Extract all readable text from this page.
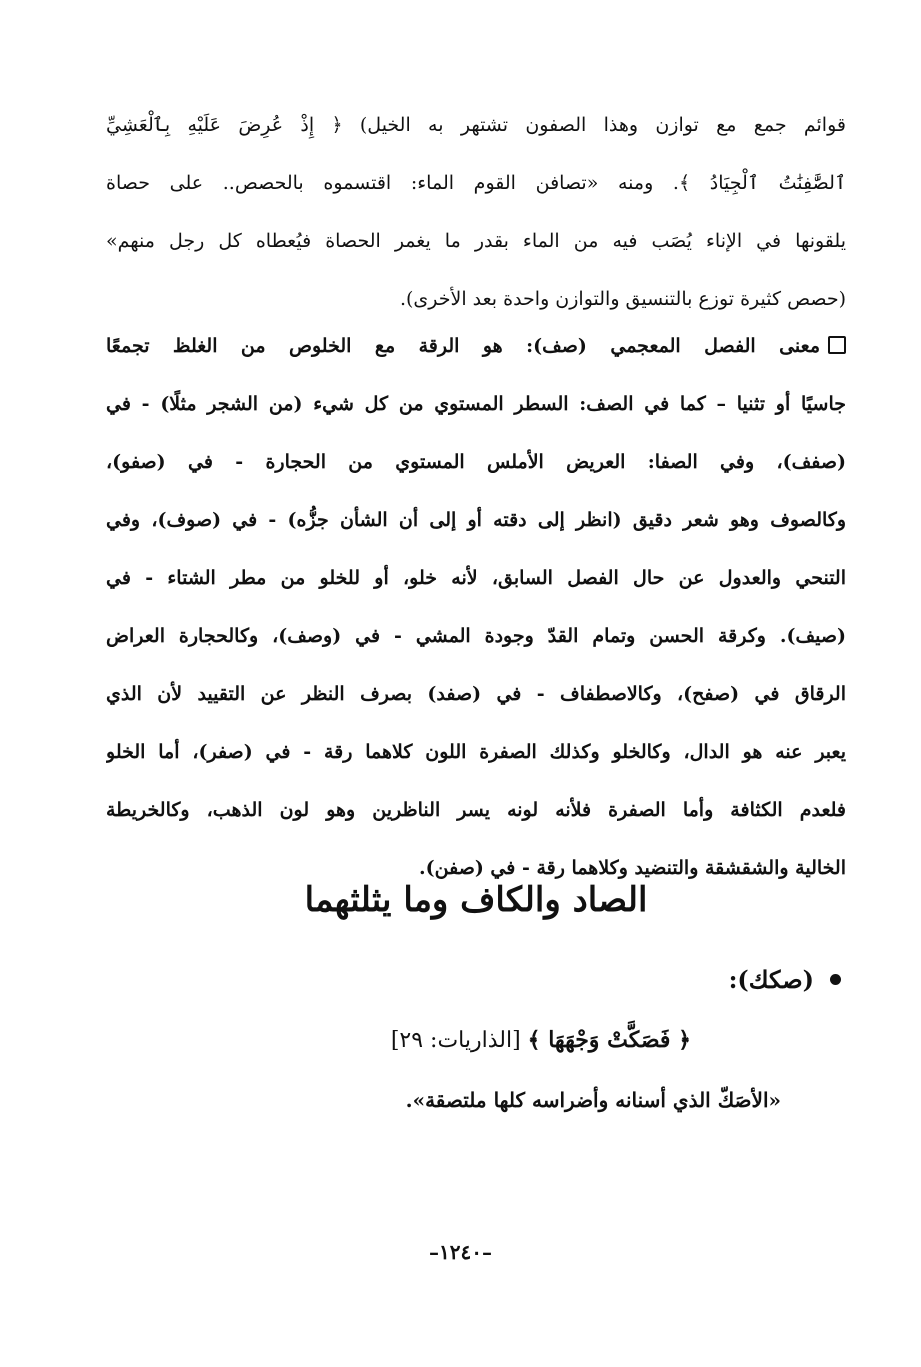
قوائم جمع مع توازن وهذا الصفون تشتهر به الخيل) ﴿ إِذْ عُرِضَ عَلَيْهِ بِٱلْعَشِيِّ
ٱلصَّٰفِنَٰتُ ٱلْجِيَادُ ﴾. ومنه «تصافن القوم الماء: اقتسموه بالحصص.. على حصاة
يلقونها في الإناء يُصَب فيه من الماء بقدر ما يغمر الحصاة فيُعطاه كل رجل منهم»
(حصص كثيرة توزع بالتنسيق والتوازن واحدة بعد الأخرى).
معنى الفصل المعجمي (صف): هو الرقة مع الخلوص من الغلظ تجمعًا
جاسيًا أو تثنيا – كما في الصف: السطر المستوي من كل شيء (من الشجر مثلًا) - في
(صفف)، وفي الصفا: العريض الأملس المستوي من الحجارة - في (صفو)،
وكالصوف وهو شعر دقيق (انظر إلى دقته أو إلى أن الشأن جزُّه) - في (صوف)، وفي
التنحي والعدول عن حال الفصل السابق، لأنه خلو، أو للخلو من مطر الشتاء - في
(صيف). وكرقة الحسن وتمام القدّ وجودة المشي - في (وصف)، وكالحجارة العراض
الرقاق في (صفح)، وكالاصطفاف - في (صفد) بصرف النظر عن التقييد لأن الذي
يعبر عنه هو الدال، وكالخلو وكذلك الصفرة اللون كلاهما رقة - في (صفر)، أما الخلو
فلعدم الكثافة وأما الصفرة فلأنه لونه يسر الناظرين وهو لون الذهب، وكالخريطة
الخالية والشقشقة والتنضيد وكلاهما رقة - في (صفن).
الصاد والكاف وما يثلثهما
(صكك):
﴿ فَصَكَّتْ وَجْهَهَا ﴾ [الذاريات: ٢٩]
«الأصَكّ الذي أسنانه وأضراسه كلها ملتصقة».
–١٢٤٠–
